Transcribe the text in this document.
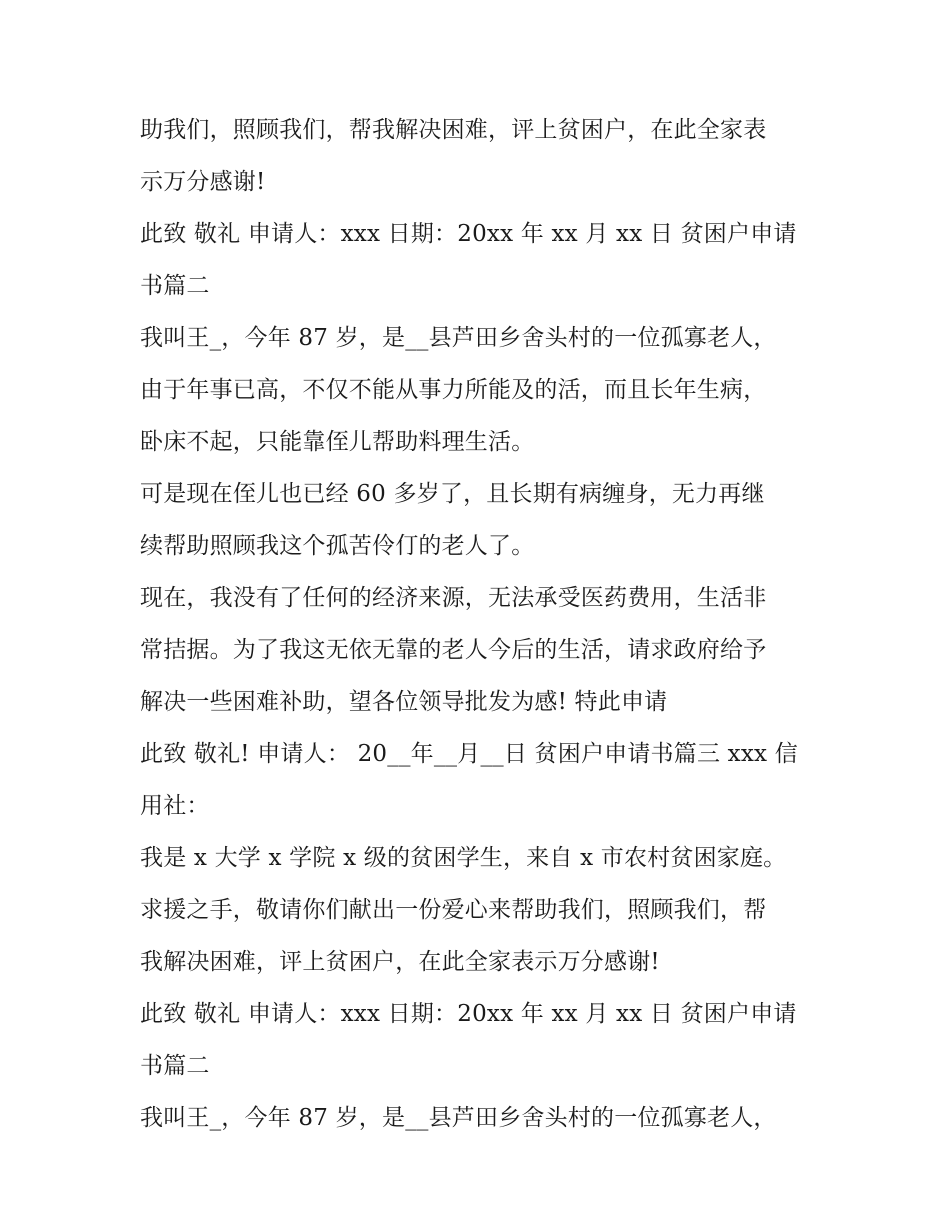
助我们，照顾我们，帮我解决困难，评上贫困户，在此全家表
示万分感谢!
此致 敬礼 申请人：xxx 日期：20xx 年 xx 月 xx 日 贫困户申请
书篇二
我叫王_，今年 87 岁，是__县芦田乡舍头村的一位孤寡老人，
由于年事已高，不仅不能从事力所能及的活，而且长年生病，
卧床不起，只能靠侄儿帮助料理生活。
可是现在侄儿也已经 60 多岁了，且长期有病缠身，无力再继
续帮助照顾我这个孤苦伶仃的老人了。
现在，我没有了任何的经济来源，无法承受医药费用，生活非
常拮据。为了我这无依无靠的老人今后的生活，请求政府给予
解决一些困难补助，望各位领导批发为感! 特此申请
此致 敬礼! 申请人： 20__年__月__日 贫困户申请书篇三 xxx 信
用社：
我是 x 大学 x 学院 x 级的贫困学生，来自 x 市农村贫困家庭。
求援之手，敬请你们献出一份爱心来帮助我们，照顾我们，帮
我解决困难，评上贫困户，在此全家表示万分感谢!
此致 敬礼 申请人：xxx 日期：20xx 年 xx 月 xx 日 贫困户申请
书篇二
我叫王_，今年 87 岁，是__县芦田乡舍头村的一位孤寡老人，
